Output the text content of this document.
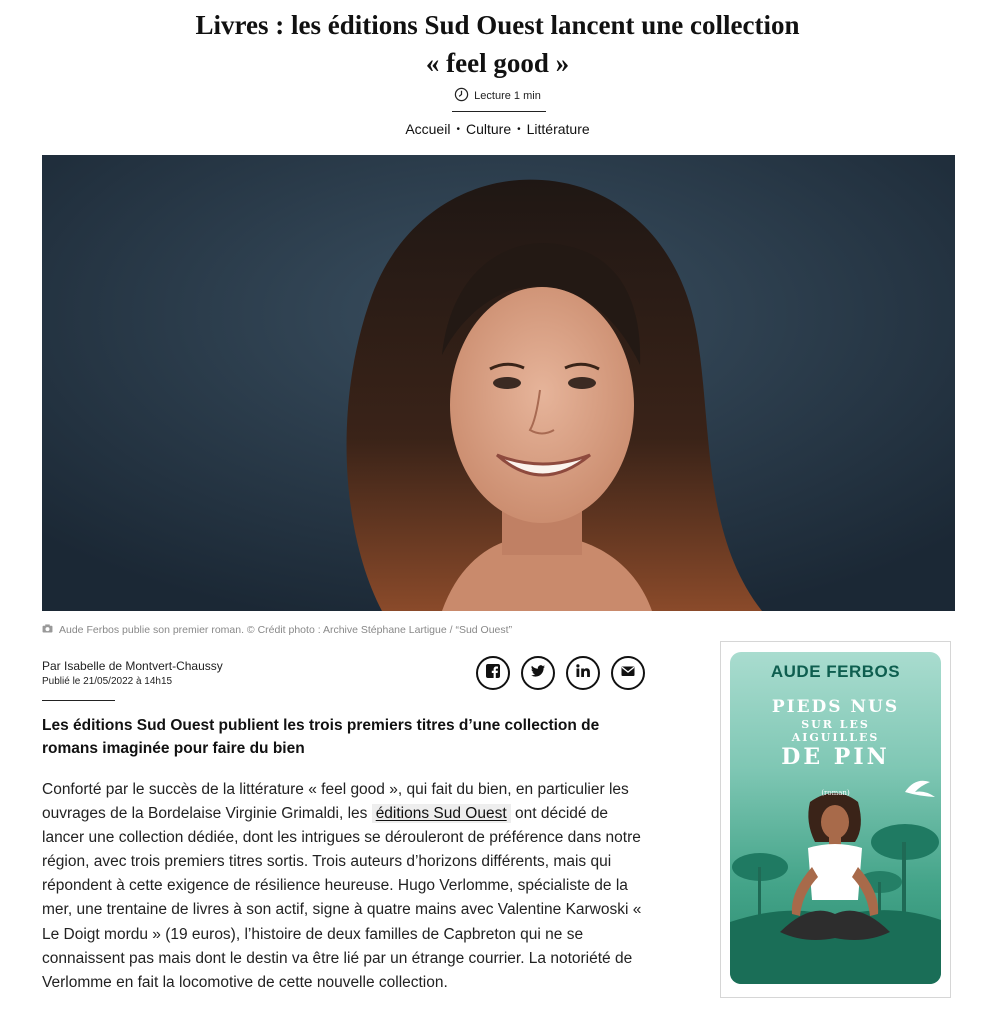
Livres : les éditions Sud Ouest lancent une collection
« feel good »
Lecture 1 min
Accueil • Culture • Littérature
Aude Ferbos publie son premier roman. © Crédit photo : Archive Stéphane Lartigue / “Sud Ouest”
Par Isabelle de Montvert-Chaussy
Publié le 21/05/2022 à 14h15

Les éditions Sud Ouest publient les trois premiers titres d’une collection de romans imaginée pour faire du bien

Conforté par le succès de la littérature « feel good », qui fait du bien, en particulier les ouvrages de la Bordelaise Virginie Grimaldi, les éditions Sud Ouest ont décidé de lancer une collection dédiée, dont les intrigues se dérouleront de préférence dans notre région, avec trois premiers titres sortis. Trois auteurs d’horizons différents, mais qui répondent à cette exigence de résilience heureuse. Hugo Verlomme, spécialiste de la mer, une trentaine de livres à son actif, signe à quatre mains avec Valentine Karwoski « Le Doigt mordu » (19 euros), l’histoire de deux familles de Capbreton qui ne se connaissent pas mais dont le destin va être lié par un étrange courrier. La notoriété de Verlomme en fait la locomotive de cette nouvelle collection.

AUDE FERBOS
PIEDS NUS
SUR LES
AIGUILLES
DE PIN
(roman)
